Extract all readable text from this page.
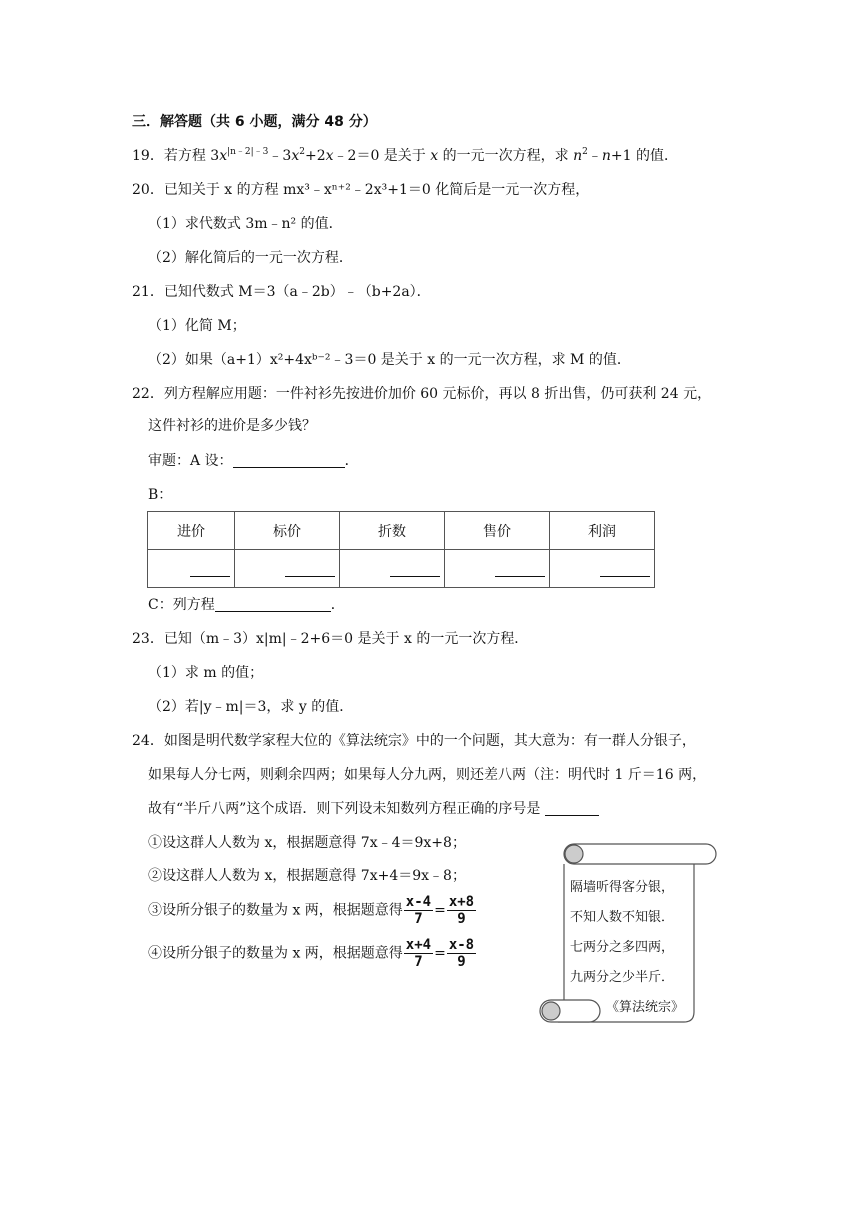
三．解答题（共 6 小题，满分 48 分）
19．若方程 $3x^{|n﹣2|﹣3}﹣3x^2+2x﹣2=0$ 是关于 x 的一元一次方程，求 $n^2﹣n+1$ 的值．
20．已知关于 x 的方程 mx³﹣xⁿ⁺²﹣2x³+1＝0 化简后是一元一次方程，
（1）求代数式 3m﹣n² 的值．
（2）解化简后的一元一次方程．
21．已知代数式 M＝3（a﹣2b）﹣（b+2a）．
（1）化简 M；
（2）如果（a+1）x²+4xᵇ⁻²﹣3＝0 是关于 x 的一元一次方程，求 M 的值．
22．列方程解应用题：一件衬衫先按进价加价 60 元标价，再以 8 折出售，仍可获利 24 元，
这件衬衫的进价是多少钱？
审题：A 设：	．
B：
进价	标价	折数	售价	利润

C：列方程	．
23．已知（m﹣3）x|m|﹣2+6＝0 是关于 x 的一元一次方程．
（1）求 m 的值；
（2）若|y﹣m|＝3，求 y 的值．
24．如图是明代数学家程大位的《算法统宗》中的一个问题，其大意为：有一群人分银子，
如果每人分七两，则剩余四两；如果每人分九两，则还差八两（注：明代时 1 斤＝16 两，
故有“半斤八两”这个成语．则下列设未知数列方程正确的序号是
①设这群人人数为 x，根据题意得 7x﹣4＝9x+8；
②设这群人人数为 x，根据题意得 7x+4＝9x﹣8；
③设所分银子的数量为 x 两，根据题意得 $\frac{x-4}{7} = \frac{x+8}{9}$
④设所分银子的数量为 x 两，根据题意得 $\frac{x+4}{7} = \frac{x-8}{9}$
隔墙听得客分银，
不知人数不知银．
七两分之多四两，
九两分之少半斤．
《算法统宗》
